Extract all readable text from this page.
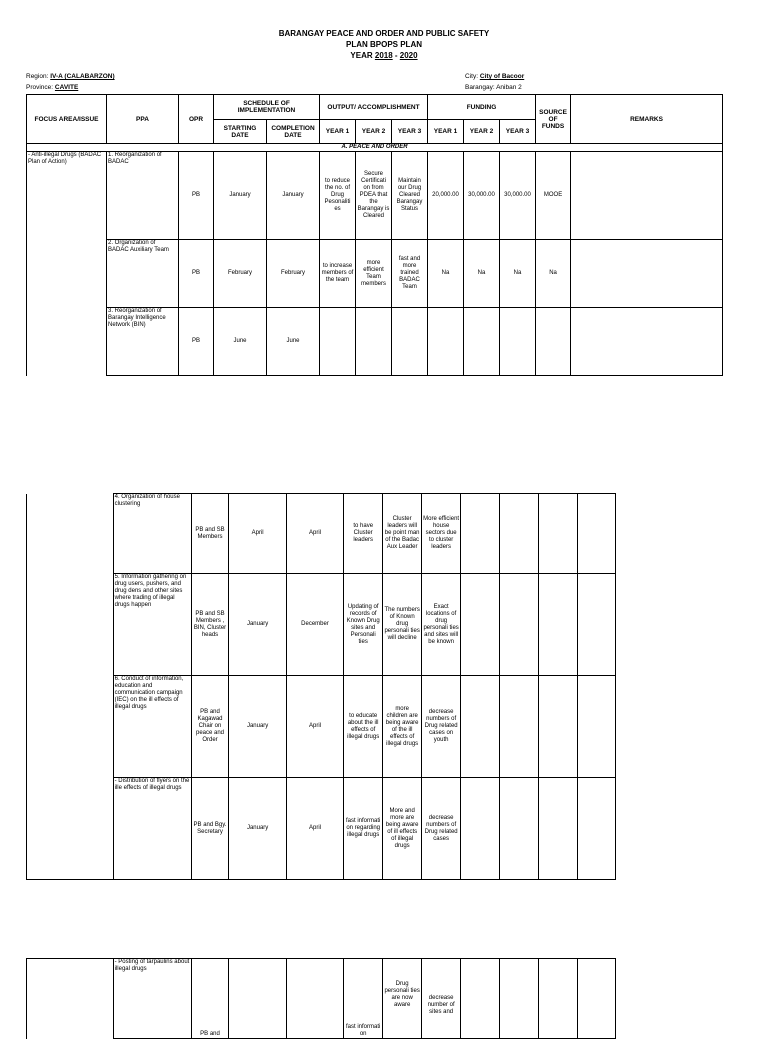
BARANGAY PEACE AND ORDER AND PUBLIC SAFETY
PLAN BPOPS PLAN
YEAR 2018 - 2020
Region: IV-A (CALABARZON)
Province: CAVITE
City: City of Bacoor
Barangay: Aniban 2
FOCUS AREA/ISSUE	PPA	OPR	SCHEDULE OF IMPLEMENTATION		OUTPUT/ ACCOMPLISHMENT			FUNDING			SOURCE OF FUNDS	REMARKS
			STARTING DATE	COMPLETION DATE	YEAR 1	YEAR 2	YEAR 3	YEAR 1	YEAR 2	YEAR 3		
A. PEACE AND ORDER												
- Anti-illegal Drugs (BADAC Plan of Action)	1. Reorganization of BADAC	PB	January	January	to reduce the no. of Drug Pesonaliti es	Secure Certificati on from PDEA that the Barangay is Cleared	Maintain our Drug Cleared Barangay Status	20,000.00	30,000.00	30,000.00	MOOE	
	2. Organization of BADAC Auxiliary Team	PB	February	February	to increase members of the team	more efficient Team members	fast and more trained BADAC Team	Na	Na	Na	Na	
	3. Reorganization of Barangay Intelligence Network (BIN)	PB	June	June								
	4. Organization of house clustering	PB and SB Members	April	April	to have Cluster leaders	Cluster leaders will be point man of the Badac Aux Leader	More efficient house sectors due to cluster leaders				
	5. Information gathering on drug users, pushers, and drug dens and other sites where trading of illegal drugs happen	PB and SB Members , BIN, Cluster heads	January	December	Updating of records of Known Drug sites and Personali ties	The numbers of Known drug personali ties will decline	Exact locations of drug personali ties and sites will be known				
	6. Conduct of information, education and communication campaign (IEC) on the ill effects of illegal drugs	PB and Kagawad Chair on peace and Order	January	April	to educate about the ill effects of illegal drugs	more children are being aware of the ill effects of illegal drugs	decrease numbers of Drug related cases on youth				
	- Distribution of flyers on the ille effects of illegal drugs	PB and Bgy. Secretary	January	April	fast informati on regarding illegal drugs	More and more are being aware of ill effects of illegal drugs	decrease numbers of Drug related cases				
	- Posting of tarpaulins about illegal drugs	PB and			fast informati on	Drug personali ties are now aware	decrease number of sites and				
